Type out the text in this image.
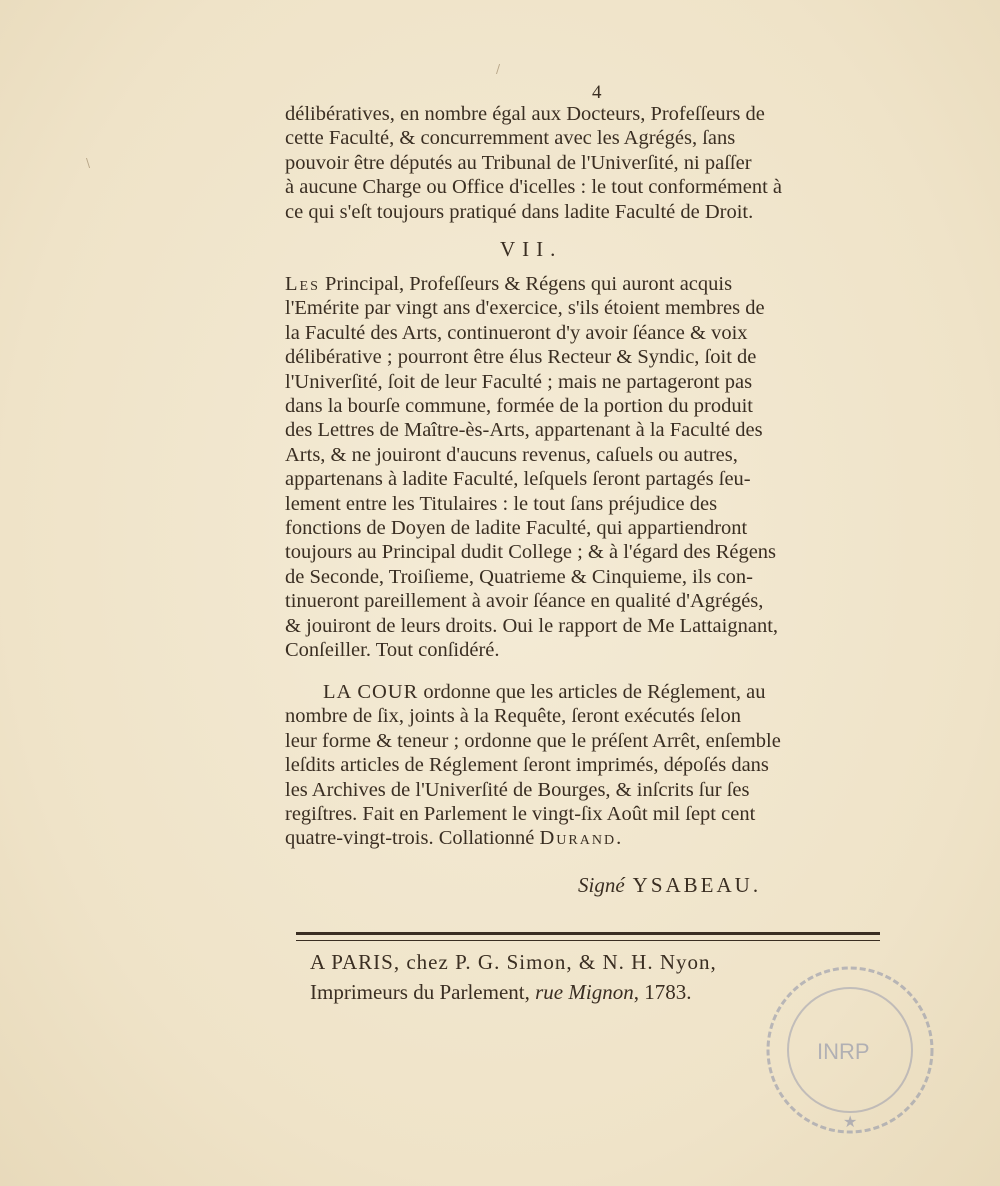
4

délibératives, en nombre égal aux Docteurs, Profeſſeurs de
cette Faculté, & concurremment avec les Agrégés, ſans
pouvoir être députés au Tribunal de l'Univerſité, ni paſſer
à aucune Charge ou Office d'icelles : le tout conformément à
ce qui s'eſt toujours pratiqué dans ladite Faculté de Droit.

VII.

Les Principal, Profeſſeurs & Régens qui auront acquis
l'Emérite par vingt ans d'exercice, s'ils étoient membres de
la Faculté des Arts, continueront d'y avoir ſéance & voix
délibérative ; pourront être élus Recteur & Syndic, ſoit de
l'Univerſité, ſoit de leur Faculté ; mais ne partageront pas
dans la bourſe commune, formée de la portion du produit
des Lettres de Maître-ès-Arts, appartenant à la Faculté des
Arts, & ne jouiront d'aucuns revenus, caſuels ou autres,
appartenans à ladite Faculté, leſquels ſeront partagés ſeu-
lement entre les Titulaires : le tout ſans préjudice des
fonctions de Doyen de ladite Faculté, qui appartiendront
toujours au Principal dudit College ; & à l'égard des Régens
de Seconde, Troiſieme, Quatrieme & Cinquieme, ils con-
tinueront pareillement à avoir ſéance en qualité d'Agrégés,
& jouiront de leurs droits. Oui le rapport de Me Lattaignant,
Conſeiller. Tout conſidéré.

LA COUR ordonne que les articles de Réglement, au
nombre de ſix, joints à la Requête, ſeront exécutés ſelon
leur forme & teneur ; ordonne que le préſent Arrêt, enſemble
leſdits articles de Réglement ſeront imprimés, dépoſés dans
les Archives de l'Univerſité de Bourges, & inſcrits ſur ſes
regiſtres. Fait en Parlement le vingt-ſix Août mil ſept cent
quatre-vingt-trois. Collationné Durand.

Signé YSABEAU.
A PARIS, chez P. G. Simon, & N. H. Nyon,
Imprimeurs du Parlement, rue Mignon, 1783.
INRP
★
\
/
